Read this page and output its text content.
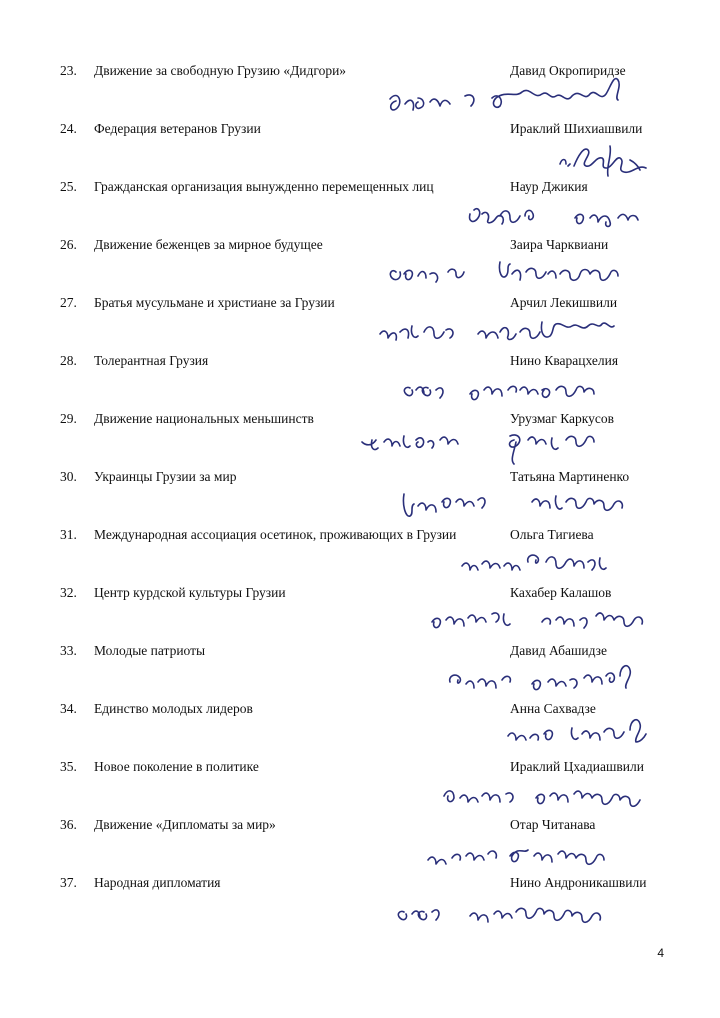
23. Движение за свободную Грузию «Дидгори»	Давид Окропиридзе
24. Федерация ветеранов Грузии	Ираклий Шихиашвили
25. Гражданская организация вынужденно перемещенных лиц	Наур Джикия
26. Движение беженцев за мирное будущее	Заира Чарквиани
27. Братья мусульмане и христиане за Грузии	Арчил Лекишвили
28. Толерантная Грузия	Нино Кварацхелия
29. Движение национальных меньшинств	Урузмаг Каркусов
30. Украинцы Грузии за мир	Татьяна Мартиненко
31. Международная ассоциация осетинок, проживающих в Грузии	Ольга Тигиева
32. Центр курдской культуры Грузии	Кахабер Калашов
33. Молодые патриоты	Давид Абашидзе
34. Единство молодых лидеров	Анна Сахвадзе
35. Новое поколение в политике	Ираклий Цхадиашвили
36. Движение «Дипломаты за мир»	Отар Читанава
37. Народная дипломатия	Нино Андроникашвили
4
